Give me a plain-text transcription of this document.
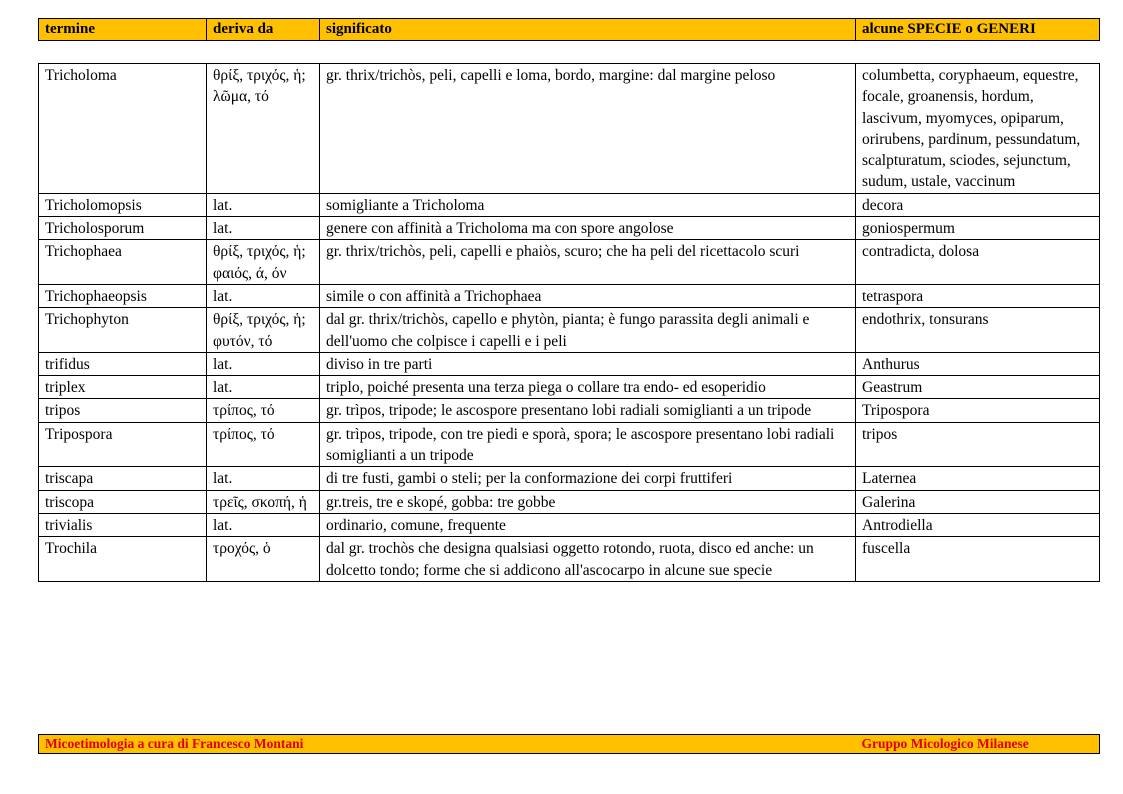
termine	deriva da	significato	alcune SPECIE o GENERI
Tricholoma	θρίξ, τριχός, ἡ; λῶμα, τό	gr. thrix/trichòs, peli, capelli e loma, bordo, margine: dal margine peloso	columbetta, coryphaeum, equestre, focale, groanensis, hordum, lascivum, myomyces, opiparum, orirubens, pardinum, pessundatum, scalpturatum, sciodes, sejunctum, sudum, ustale, vaccinum
Tricholomopsis	lat.	somigliante a Tricholoma	decora
Tricholosporum	lat.	genere con affinità a Tricholoma ma con spore angolose	goniospermum
Trichophaea	θρίξ, τριχός, ἡ; φαιός, ά, όν	gr. thrix/trichòs, peli, capelli e phaiòs, scuro; che ha peli del ricettacolo scuri	contradicta, dolosa
Trichophaeopsis	lat.	simile o con affinità a Trichophaea	tetraspora
Trichophyton	θρίξ, τριχός, ἡ; φυτόν, τό	dal gr. thrix/trichòs, capello e phytòn, pianta; è fungo parassita degli animali e dell'uomo che colpisce i capelli e i peli	endothrix, tonsurans
trifidus	lat.	diviso in tre parti	Anthurus
triplex	lat.	triplo, poiché presenta una terza piega o collare tra endo- ed esoperidio	Geastrum
tripos	τρίπος, τό	gr. trìpos, tripode; le ascospore presentano lobi radiali somiglianti a un tripode	Tripospora
Tripospora	τρίπος, τό	gr. trìpos, tripode, con tre piedi e sporà, spora; le ascospore presentano lobi radiali somiglianti a un tripode	tripos
triscapa	lat.	di tre fusti, gambi o steli; per la conformazione dei corpi fruttiferi	Laternea
triscopa	τρεῖς, σκοπή, ἡ	gr.treis, tre e skopé, gobba: tre gobbe	Galerina
trivialis	lat.	ordinario, comune, frequente	Antrodiella
Trochila	τροχός, ὁ	dal gr. trochòs che designa qualsiasi oggetto rotondo, ruota, disco ed anche: un dolcetto tondo; forme che si addicono all'ascocarpo in alcune sue specie	fuscella
Micoetimologia a cura di Francesco Montani	Gruppo Micologico Milanese
